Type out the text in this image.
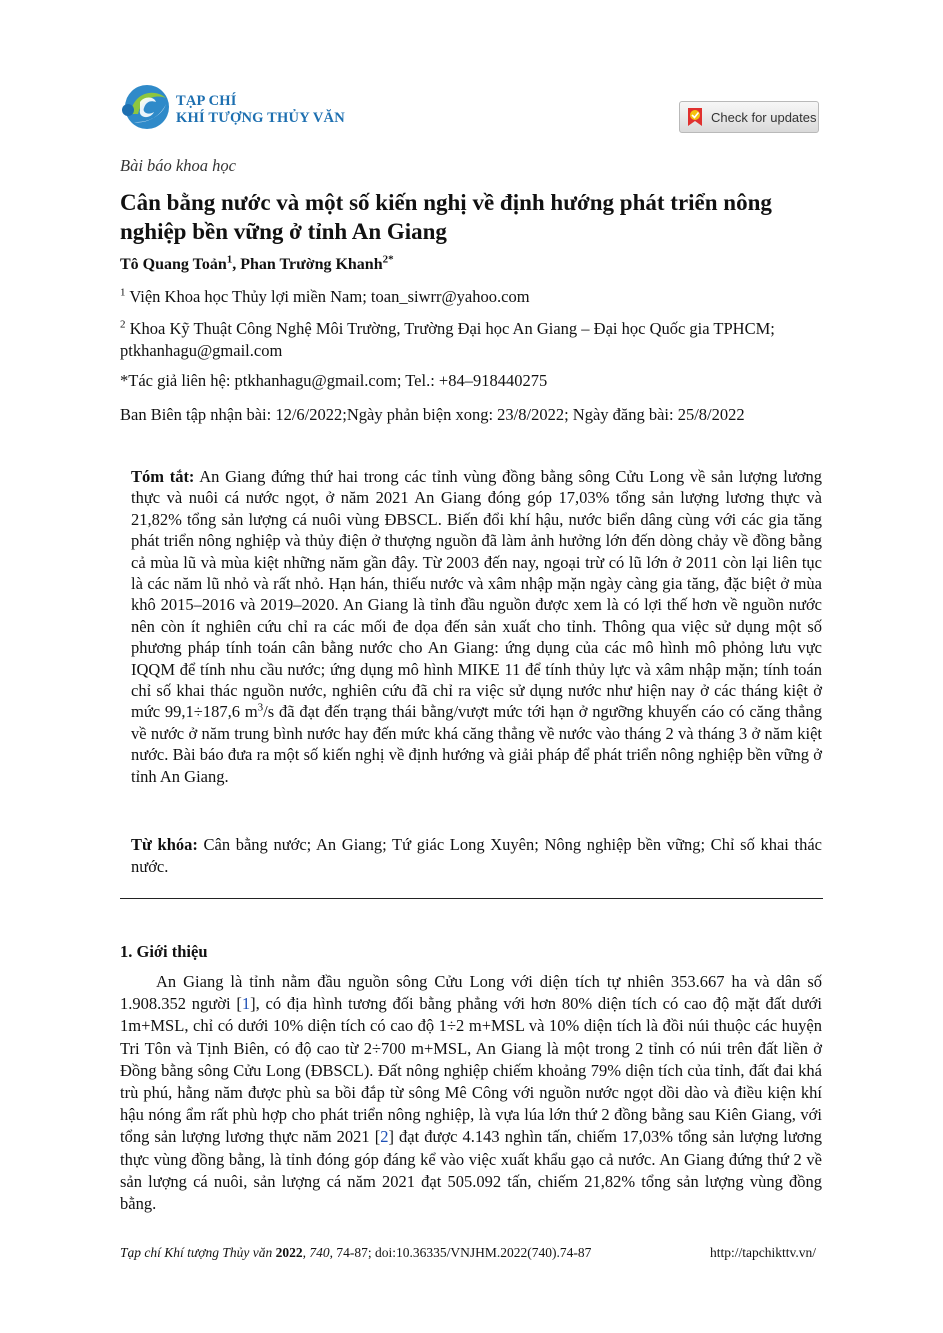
TẠP CHÍ
KHÍ TƯỢNG THỦY VĂN	Check for updates
Bài báo khoa học
Cân bằng nước và một số kiến nghị về định hướng phát triển nông nghiệp bền vững ở tỉnh An Giang
Tô Quang Toản$^1$, Phan Trường Khanh$^{2*}$
$^1$ Viện Khoa học Thủy lợi miền Nam; toan_siwrr@yahoo.com
$^2$ Khoa Kỹ Thuật Công Nghệ Môi Trường, Trường Đại học An Giang – Đại học Quốc gia TPHCM; ptkhanhagu@gmail.com
*Tác giả liên hệ: ptkhanhagu@gmail.com; Tel.: +84–918440275
Ban Biên tập nhận bài: 12/6/2022;Ngày phản biện xong: 23/8/2022; Ngày đăng bài: 25/8/2022
Tóm tắt: An Giang đứng thứ hai trong các tỉnh vùng đồng bằng sông Cửu Long về sản lượng lương thực và nuôi cá nước ngọt, ở năm 2021 An Giang đóng góp 17,03% tổng sản lượng lương thực và 21,82% tổng sản lượng cá nuôi vùng ĐBSCL. Biến đổi khí hậu, nước biển dâng cùng với các gia tăng phát triển nông nghiệp và thủy điện ở thượng nguồn đã làm ảnh hưởng lớn đến dòng chảy về đồng bằng cả mùa lũ và mùa kiệt những năm gần đây. Từ 2003 đến nay, ngoại trừ có lũ lớn ở 2011 còn lại liên tục là các năm lũ nhỏ và rất nhỏ. Hạn hán, thiếu nước và xâm nhập mặn ngày càng gia tăng, đặc biệt ở mùa khô 2015–2016 và 2019–2020. An Giang là tỉnh đầu nguồn được xem là có lợi thế hơn về nguồn nước nên còn ít nghiên cứu chỉ ra các mối đe dọa đến sản xuất cho tỉnh. Thông qua việc sử dụng một số phương pháp tính toán cân bằng nước cho An Giang: ứng dụng của các mô hình mô phỏng lưu vực IQQM để tính nhu cầu nước; ứng dụng mô hình MIKE 11 để tính thủy lực và xâm nhập mặn; tính toán chỉ số khai thác nguồn nước, nghiên cứu đã chỉ ra việc sử dụng nước như hiện nay ở các tháng kiệt ở mức 99,1÷187,6 $m^3/s$ đã đạt đến trạng thái bằng/vượt mức tới hạn ở ngưỡng khuyến cáo có căng thẳng về nước ở năm trung bình nước hay đến mức khá căng thẳng về nước vào tháng 2 và tháng 3 ở năm kiệt nước. Bài báo đưa ra một số kiến nghị về định hướng và giải pháp để phát triển nông nghiệp bền vững ở tỉnh An Giang.
Từ khóa: Cân bằng nước; An Giang; Tứ giác Long Xuyên; Nông nghiệp bền vững; Chỉ số khai thác nước.
1. Giới thiệu
An Giang là tỉnh nằm đầu nguồn sông Cửu Long với diện tích tự nhiên 353.667 ha và dân số 1.908.352 người [1], có địa hình tương đối bằng phẳng với hơn 80% diện tích có cao độ mặt đất dưới 1m+MSL, chỉ có dưới 10% diện tích có cao độ 1÷2 m+MSL và 10% diện tích là đồi núi thuộc các huyện Tri Tôn và Tịnh Biên, có độ cao từ 2÷700 m+MSL, An Giang là một trong 2 tỉnh có núi trên đất liền ở Đồng bằng sông Cửu Long (ĐBSCL). Đất nông nghiệp chiếm khoảng 79% diện tích của tỉnh, đất đai khá trù phú, hằng năm được phù sa bồi đắp từ sông Mê Công với nguồn nước ngọt dồi dào và điều kiện khí hậu nóng ẩm rất phù hợp cho phát triển nông nghiệp, là vựa lúa lớn thứ 2 đồng bằng sau Kiên Giang, với tổng sản lượng lương thực năm 2021 [2] đạt được 4.143 nghìn tấn, chiếm 17,03% tổng sản lượng lương thực vùng đồng bằng, là tỉnh đóng góp đáng kể vào việc xuất khẩu gạo cả nước. An Giang đứng thứ 2 về sản lượng cá nuôi, sản lượng cá năm 2021 đạt 505.092 tấn, chiếm 21,82% tổng sản lượng vùng đồng bằng.
Tạp chí Khí tượng Thủy văn 2022, 740, 74-87; doi:10.36335/VNJHM.2022(740).74-87	http://tapchikttv.vn/
